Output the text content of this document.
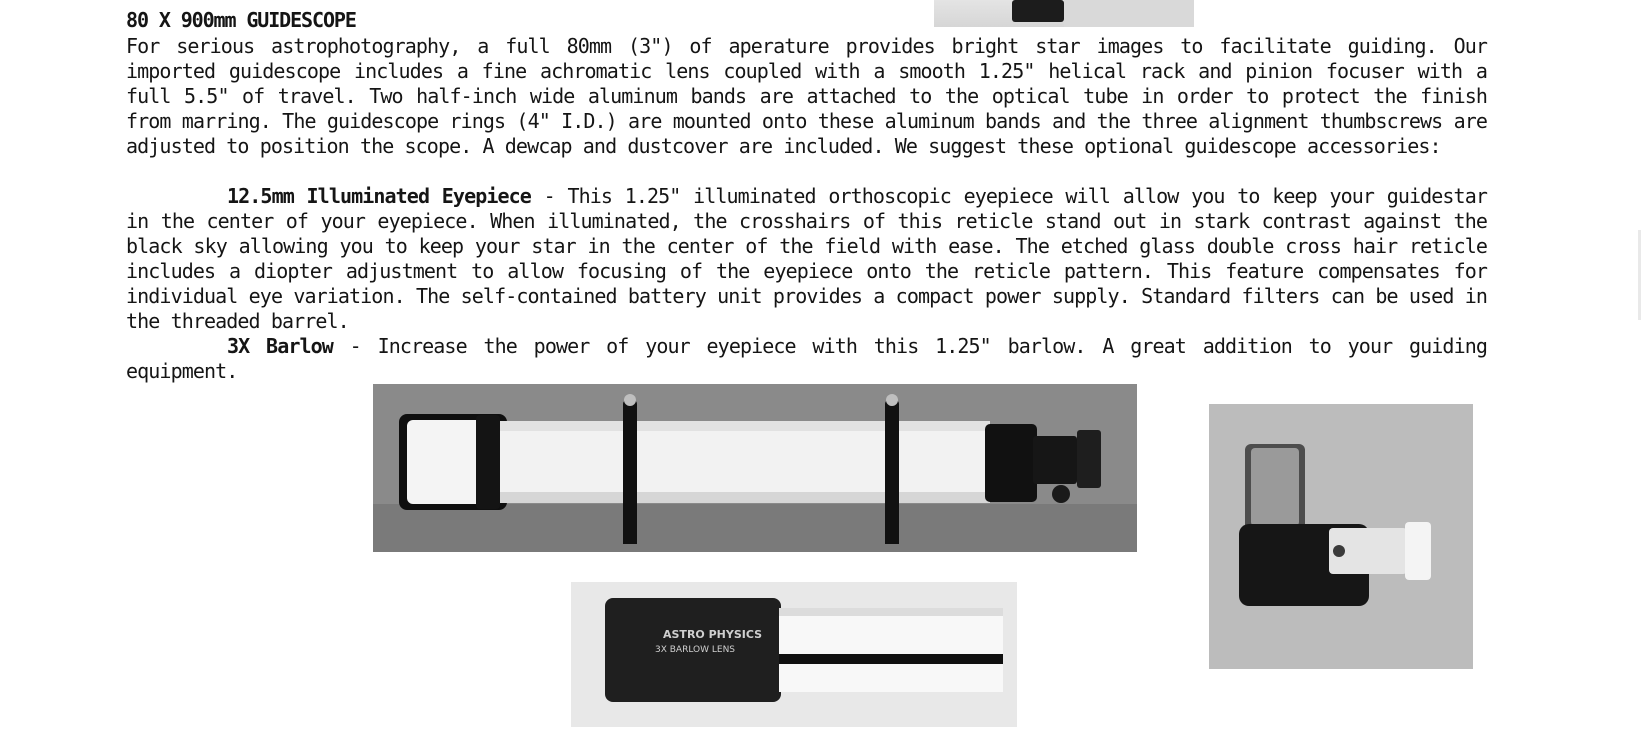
80 X 900mm GUIDESCOPE

For serious astrophotography, a full 80mm (3") of aperature provides bright star images to facilitate guiding. Our imported guidescope includes a fine achromatic lens coupled with a smooth 1.25" helical rack and pinion focuser with a full 5.5" of travel. Two half-inch wide aluminum bands are attached to the optical tube in order to protect the finish from marring. The guidescope rings (4" I.D.) are mounted onto these aluminum bands and the three alignment thumbscrews are adjusted to position the scope. A dewcap and dustcover are included. We suggest these optional guidescope accessories:

12.5mm Illuminated Eyepiece - This 1.25" illuminated orthoscopic eyepiece will allow you to keep your guidestar in the center of your eyepiece. When illuminated, the crosshairs of this reticle stand out in stark contrast against the black sky allowing you to keep your star in the center of the field with ease. The etched glass double cross hair reticle includes a diopter adjustment to allow focusing of the eyepiece onto the reticle pattern. This feature compensates for individual eye variation. The self-contained battery unit provides a compact power supply. Standard filters can be used in the threaded barrel.

3X Barlow - Increase the power of your eyepiece with this 1.25" barlow. A great addition to your guiding equipment.

ASTRO PHYSICS
3X BARLOW LENS
